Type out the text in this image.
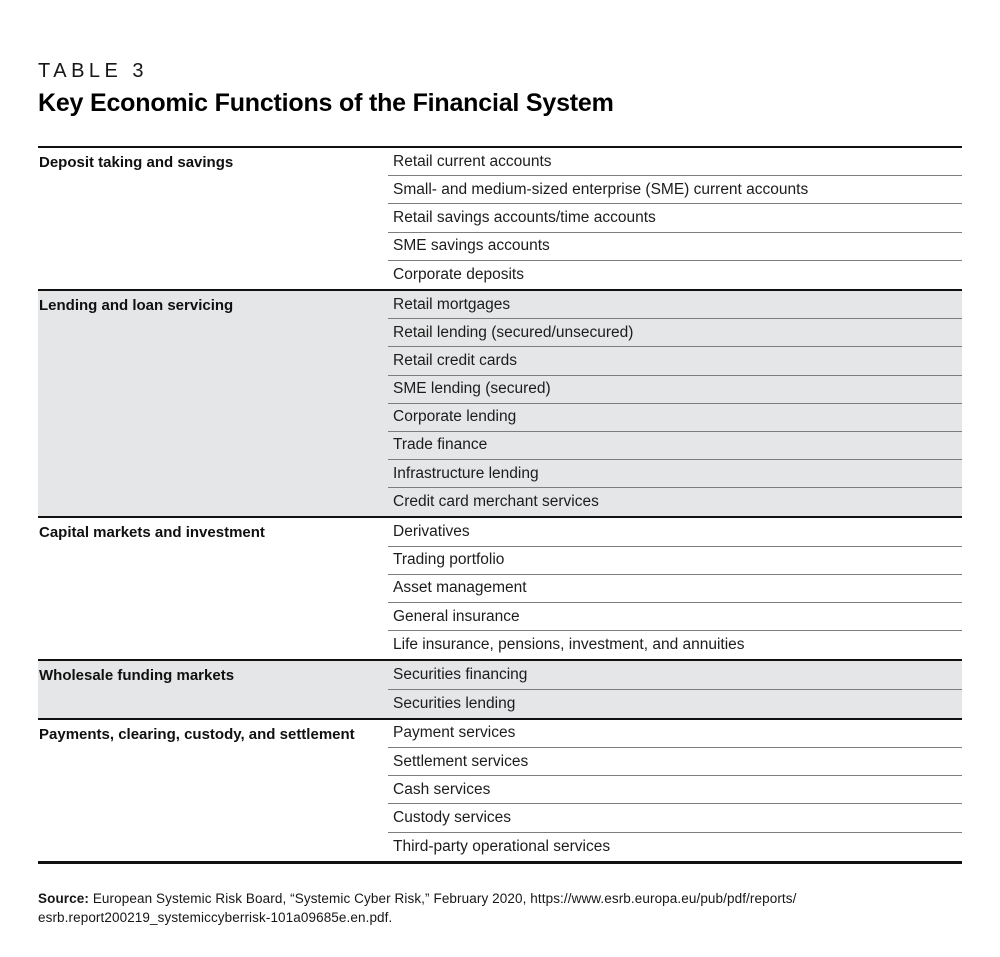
TABLE 3
Key Economic Functions of the Financial System
Deposit taking and savings	Retail current accounts
Small- and medium-sized enterprise (SME) current accounts
Retail savings accounts/time accounts
SME savings accounts
Corporate deposits
Lending and loan servicing	Retail mortgages
Retail lending (secured/unsecured)
Retail credit cards
SME lending (secured)
Corporate lending
Trade finance
Infrastructure lending
Credit card merchant services
Capital markets and investment	Derivatives
Trading portfolio
Asset management
General insurance
Life insurance, pensions, investment, and annuities
Wholesale funding markets	Securities financing
Securities lending
Payments, clearing, custody, and settlement	Payment services
Settlement services
Cash services
Custody services
Third-party operational services
Source: European Systemic Risk Board, “Systemic Cyber Risk,” February 2020, https://www.esrb.europa.eu/pub/pdf/reports/
esrb.report200219_systemiccyberrisk-101a09685e.en.pdf.
